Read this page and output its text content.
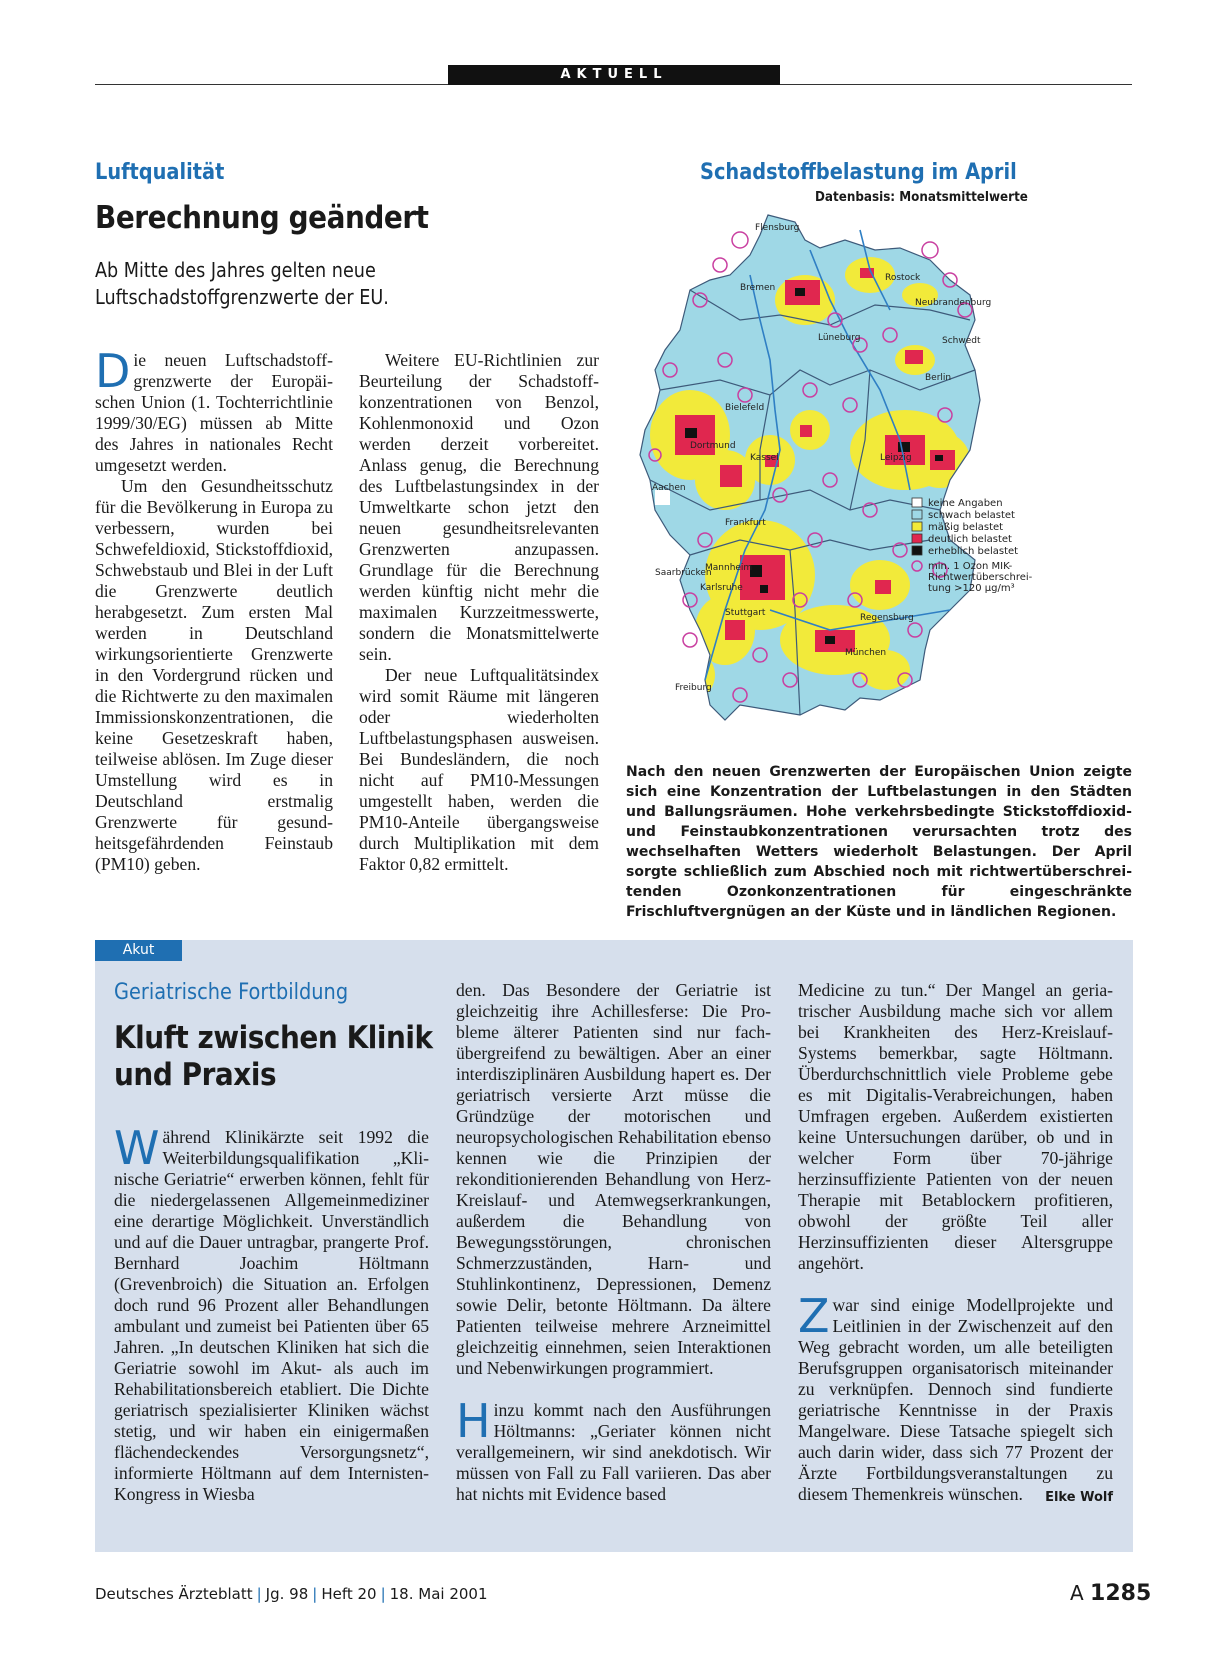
AKTUELL
Luftqualität
Berechnung geändert
Ab Mitte des Jahres gelten neue
Luftschadstoffgrenzwerte der EU.

Die neuen Luftschadstoffgrenzwerte der Europäischen Union (1. Tochterrichtlinie 1999/30/EG) müssen ab Mitte des Jahres in nationales Recht umgesetzt werden.

Um den Gesundheitsschutz für die Bevölkerung in Europa zu verbessern, wurden bei Schwefeldioxid, Stickstoffdioxid, Schwebstaub und Blei in der Luft die Grenzwerte deutlich herabgesetzt. Zum ersten Mal werden in Deutschland wirkungsorientierte Grenzwerte in den Vordergrund rücken und die Richtwerte zu den maximalen Immissionskonzentrationen, die keine Gesetzeskraft haben, teilweise ablösen. Im Zuge dieser Umstellung wird es in Deutschland erstmalig Grenzwerte für gesundheitsgefährdenden Feinstaub (PM10) geben.

Weitere EU-Richtlinien zur Beurteilung der Schadstoffkonzentrationen von Benzol, Kohlenmonoxid und Ozon werden derzeit vorbereitet. Anlass genug, die Berechnung des Luftbelastungsindex in der Umweltkarte schon jetzt den neuen gesundheitsrelevanten Grenzwerten anzupassen. Grundlage für die Berechnung werden künftig nicht mehr die maximalen Kurzzeitmesswerte, sondern die Monatsmittelwerte sein.

Der neue Luftqualitätsindex wird somit Räume mit längeren oder wiederholten Luftbelastungsphasen ausweisen. Bei Bundesländern, die noch nicht auf PM10-Messungen umgestellt haben, werden die PM10-Anteile übergangsweise durch Multiplikation mit dem Faktor 0,82 ermittelt.

Schadstoffbelastung im April
Datenbasis: Monatsmittelwerte
Flensburg
Rostock
Neubrandenburg
Lüneburg	Schwedt
Bielefeld
Dortmund
Aachen
Kassel	Leipzig
Frankfurt
Mannheim
Karlsruhe
Stuttgart	Regensburg
München
Freiburg
Saarbrücken
Bremen
Berlin
keine Angaben
schwach belastet
mäßig belastet
deutlich belastet
erheblich belastet
min. 1 Ozon MIK-
Richtwertüberschrei-
tung >120 µg/m³
Nach den neuen Grenzwerten der Europäischen Union zeigte sich eine Konzentration der Luftbelastungen in den Städten und Ballungsräumen. Hohe verkehrsbedingte Stickstoffdioxid-und Feinstaubkonzentrationen verursachten trotz des wechselhaften Wetters wiederholt Belastungen. Der April sorgte schließlich zum Abschied noch mit richtwertüberschreitenden Ozonkonzentrationen für eingeschränkte Frischluftvergnügen an der Küste und in ländlichen Regionen.
Akut
Geriatrische Fortbildung
Kluft zwischen Klinik
und Praxis

Während Klinikärzte seit 1992 die Weiterbildungsqualifikation „Klinische Geriatrie“ erwerben können, fehlt für die niedergelassenen Allgemeinmediziner eine derartige Möglichkeit. Unverständlich und auf die Dauer untragbar, prangerte Prof. Bernhard Joachim Höltmann (Grevenbroich) die Situation an. Erfolgen doch rund 96 Prozent aller Behandlungen ambulant und zumeist bei Patienten über 65 Jahren. „In deutschen Kliniken hat sich die Geriatrie sowohl im Akut- als auch im Rehabilitationsbereich etabliert. Die Dichte geriatrisch spezialisierter Kliniken wächst stetig, und wir haben ein einigermaßen flächendeckendes Versorgungsnetz“, informierte Höltmann auf dem Internisten-Kongress in Wiesba

den. Das Besondere der Geriatrie ist gleichzeitig ihre Achillesferse: Die Probleme älterer Patienten sind nur fachübergreifend zu bewältigen. Aber an einer interdisziplinären Ausbildung hapert es. Der geriatrisch versierte Arzt müsse die Gründzüge der motorischen und neuropsychologischen Rehabilitation ebenso kennen wie die Prinzipien der rekonditionierenden Behandlung von Herz-Kreislauf- und Atemwegserkrankungen, außerdem die Behandlung von Bewegungsstörungen, chronischen Schmerzzuständen, Harn- und Stuhlinkontinenz, Depressionen, Demenz sowie Delir, betonte Höltmann. Da ältere Patienten teilweise mehrere Arzneimittel gleichzeitig einnehmen, seien Interaktionen und Nebenwirkungen programmiert.

Hinzu kommt nach den Ausführungen Höltmanns: „Geriater können nicht verallgemeinern, wir sind anekdotisch. Wir müssen von Fall zu Fall variieren. Das aber hat nichts mit Evidence based

Medicine zu tun.“ Der Mangel an geriatrischer Ausbildung mache sich vor allem bei Krankheiten des Herz-Kreislauf-Systems bemerkbar, sagte Höltmann. Überdurchschnittlich viele Probleme gebe es mit Digitalis-Verabreichungen, haben Umfragen ergeben. Außerdem existierten keine Untersuchungen darüber, ob und in welcher Form über 70-jährige herzinsuffiziente Patienten von der neuen Therapie mit Betablockern profitieren, obwohl der größte Teil aller Herzinsuffizienten dieser Altersgruppe angehört.

Zwar sind einige Modellprojekte und Leitlinien in der Zwischenzeit auf den Weg gebracht worden, um alle beteiligten Berufsgruppen organisatorisch miteinander zu verknüpfen. Dennoch sind fundierte geriatrische Kenntnisse in der Praxis Mangelware. Diese Tatsache spiegelt sich auch darin wider, dass sich 77 Prozent der Ärzte Fortbildungsveranstaltungen zu diesem Themenkreis wünschen. Elke Wolf

Deutsches Ärzteblatt | Jg. 98 | Heft 20 | 18. Mai 2001	A 1285
